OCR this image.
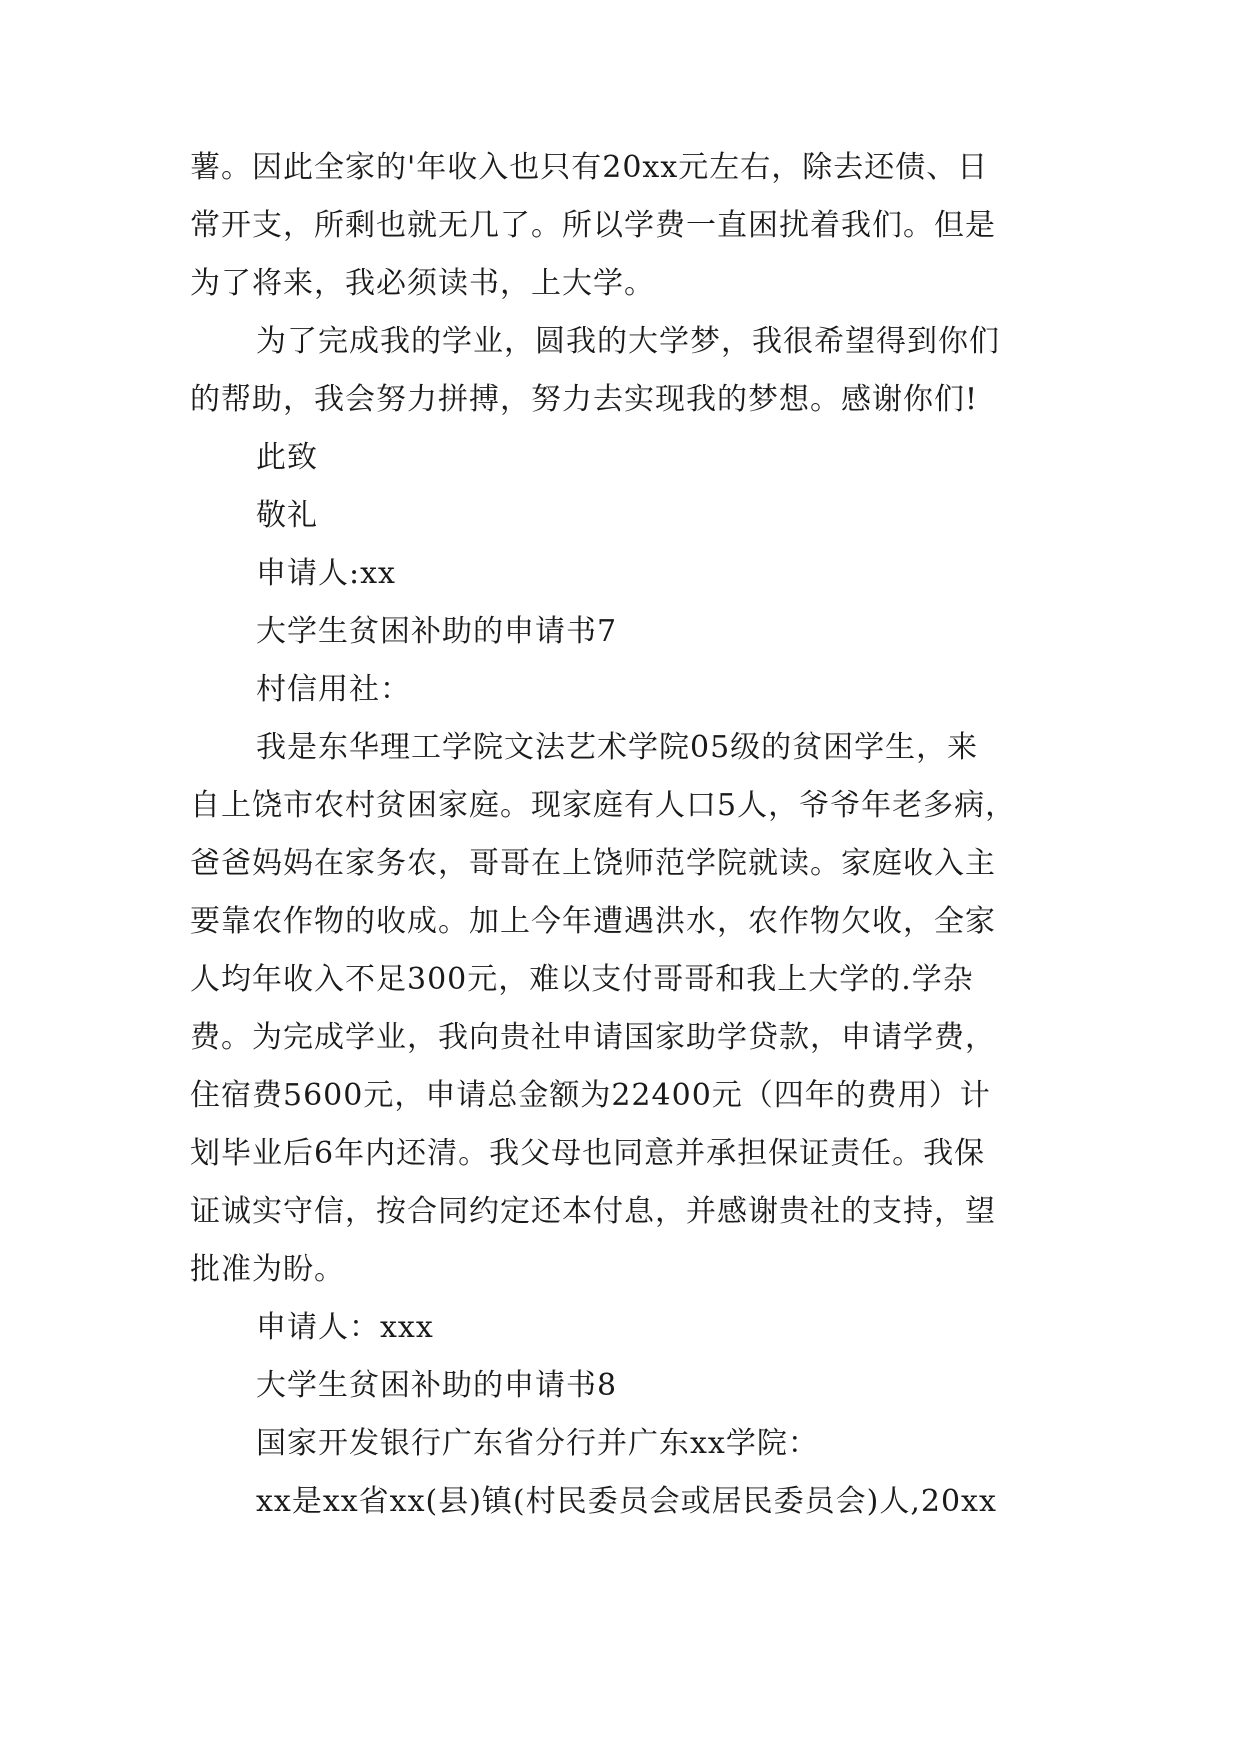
薯。因此全家的'年收入也只有20xx元左右，除去还债、日
常开支，所剩也就无几了。所以学费一直困扰着我们。但是
为了将来，我必须读书，上大学。
为了完成我的学业，圆我的大学梦，我很希望得到你们
的帮助，我会努力拼搏，努力去实现我的梦想。感谢你们!
此致
敬礼
申请人:xx
大学生贫困补助的申请书7
村信用社：
我是东华理工学院文法艺术学院05级的贫困学生，来
自上饶市农村贫困家庭。现家庭有人口5人，爷爷年老多病，
爸爸妈妈在家务农，哥哥在上饶师范学院就读。家庭收入主
要靠农作物的收成。加上今年遭遇洪水，农作物欠收，全家
人均年收入不足300元，难以支付哥哥和我上大学的.学杂
费。为完成学业，我向贵社申请国家助学贷款，申请学费，
住宿费5600元，申请总金额为22400元（四年的费用）计
划毕业后6年内还清。我父母也同意并承担保证责任。我保
证诚实守信，按合同约定还本付息，并感谢贵社的支持，望
批准为盼。
申请人：xxx
大学生贫困补助的申请书8
国家开发银行广东省分行并广东xx学院：
xx是xx省xx(县)镇(村民委员会或居民委员会)人,20xx
